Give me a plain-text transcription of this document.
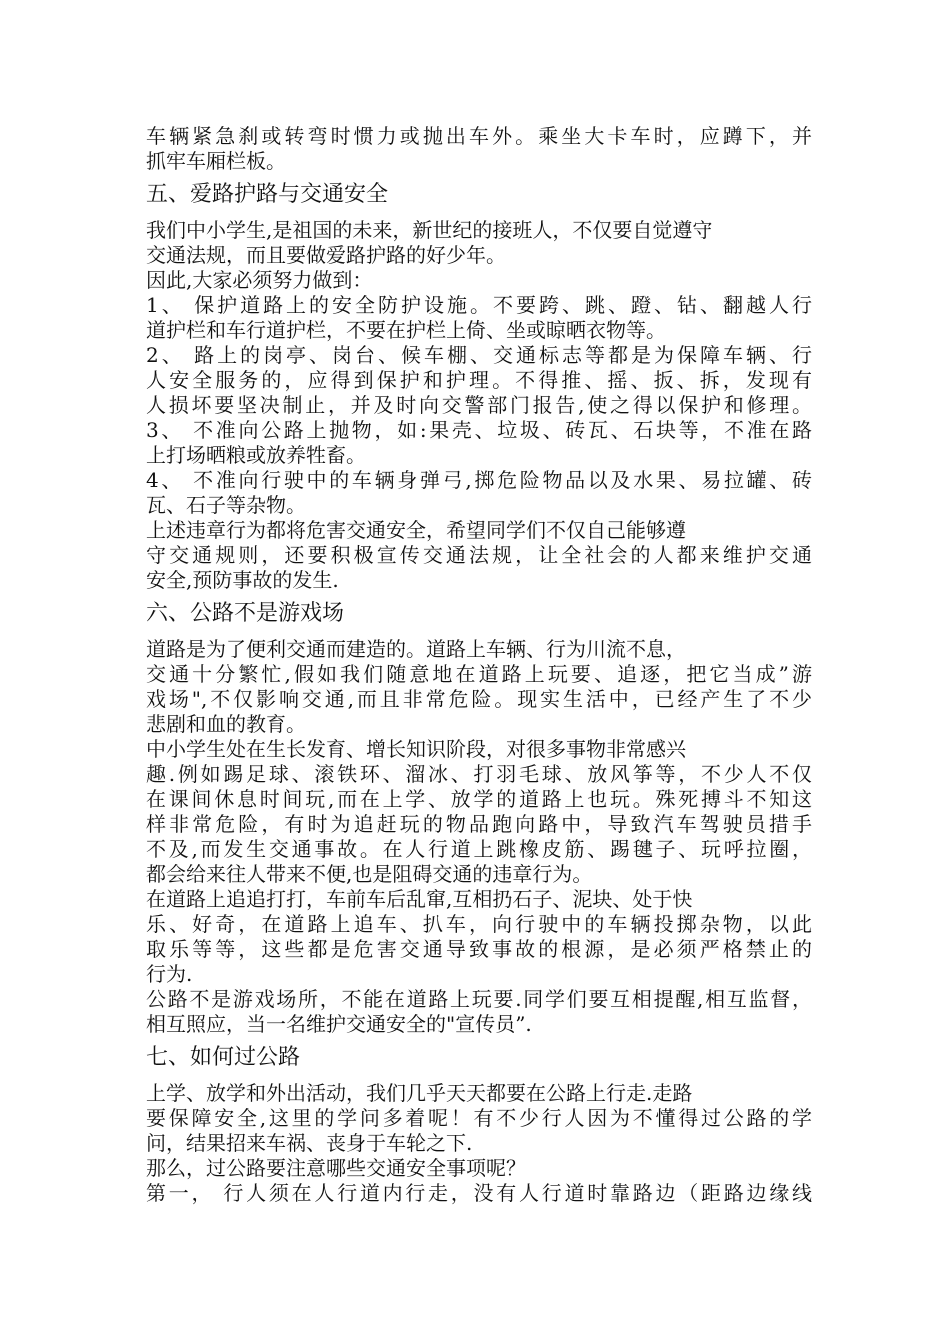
车辆紧急刹或转弯时惯力或抛出车外。乘坐大卡车时，应蹲下，并
抓牢车厢栏板。
五、爱路护路与交通安全
我们中小学生,是祖国的未来，新世纪的接班人，不仅要自觉遵守
交通法规，而且要做爱路护路的好少年。
因此,大家必须努力做到：
1、 保护道路上的安全防护设施。不要跨、跳、蹬、钻、翻越人行
道护栏和车行道护栏，不要在护栏上倚、坐或晾晒衣物等。
2、 路上的岗亭、岗台、候车棚、交通标志等都是为保障车辆、行
人安全服务的，应得到保护和护理。不得推、摇、扳、拆，发现有
人损坏要坚决制止，并及时向交警部门报告,使之得以保护和修理。
3、 不准向公路上抛物，如:果壳、垃圾、砖瓦、石块等，不准在路
上打场晒粮或放养牲畜。
4、 不准向行驶中的车辆身弹弓,掷危险物品以及水果、易拉罐、砖
瓦、石子等杂物。
上述违章行为都将危害交通安全，希望同学们不仅自己能够遵
守交通规则，还要积极宣传交通法规，让全社会的人都来维护交通
安全,预防事故的发生.
六、公路不是游戏场
道路是为了便利交通而建造的。道路上车辆、行为川流不息，
交通十分繁忙,假如我们随意地在道路上玩要、追逐，把它当成”游
戏场",不仅影响交通,而且非常危险。现实生活中，已经产生了不少
悲剧和血的教育。
中小学生处在生长发育、增长知识阶段，对很多事物非常感兴
趣.例如踢足球、滚铁环、溜冰、打羽毛球、放风筝等，不少人不仅
在课间休息时间玩,而在上学、放学的道路上也玩。殊死搏斗不知这
样非常危险，有时为追赶玩的物品跑向路中，导致汽车驾驶员措手
不及,而发生交通事故。在人行道上跳橡皮筋、踢毽子、玩呼拉圈，
都会给来往人带来不便,也是阻碍交通的违章行为。
在道路上追追打打，车前车后乱窜,互相扔石子、泥块、处于快
乐、好奇，在道路上追车、扒车，向行驶中的车辆投掷杂物，以此
取乐等等，这些都是危害交通导致事故的根源，是必须严格禁止的
行为.
公路不是游戏场所，不能在道路上玩要.同学们要互相提醒,相互监督，
相互照应，当一名维护交通安全的"宣传员”.
七、如何过公路
上学、放学和外出活动，我们几乎天天都要在公路上行走.走路
要保障安全,这里的学问多着呢！有不少行人因为不懂得过公路的学
问，结果招来车祸、丧身于车轮之下.
那么，过公路要注意哪些交通安全事项呢？
第一， 行人须在人行道内行走，没有人行道时靠路边（距路边缘线
